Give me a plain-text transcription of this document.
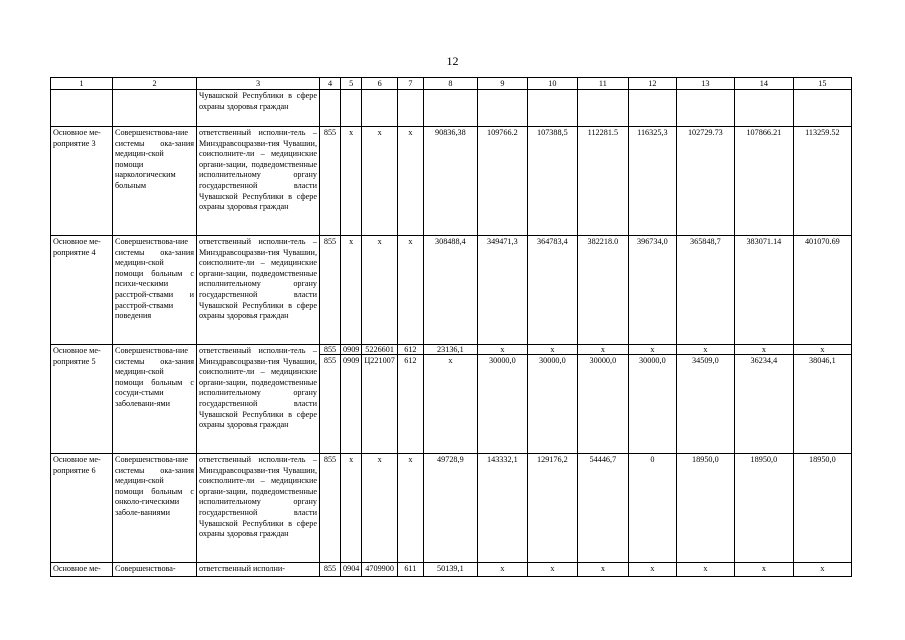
12
1	2	3	4	5	6	7	8	9	10	11	12	13	14	15
		Чувашской Республики в сфере охраны здоровья граждан												
Основное ме-роприятие 3	Совершенствова-ние системы ока-зания медицин-ской помощи наркологическим больным	ответственный исполни-тель – Минздравсоцразви-тия Чувашии, соисполните-ли – медицинские органи-зации, подведомственные исполнительному органу государственной власти Чувашской Республики в сфере охраны здоровья граждан	855	x	x	x	90836,38	109766.2	107388,5	112281.5	116325,3	102729.73	107866.21	113259.52
Основное ме-роприятие 4	Совершенствова-ние системы ока-зания медицин-ской помощи больным с психи-ческими расстрой-ствами и расстрой-ствами поведения	ответственный исполни-тель – Минздравсоцразви-тия Чувашии, соисполните-ли – медицинские органи-зации, подведомственные исполнительному органу государственной власти Чувашской Республики в сфере охраны здоровья граждан	855	x	x	x	308488,4	349471,3	364783,4	382218.0	396734,0	365848,7	383071.14	401070.69
Основное ме-роприятие 5	Совершенствова-ние системы ока-зания медицин-ской помощи больным с сосуди-стыми заболевани-ями	ответственный исполни-тель – Минздравсоцразви-тия Чувашии, соисполните-ли – медицинские органи-зации, подведомственные исполнительному органу государственной власти Чувашской Республики в сфере охраны здоровья граждан	855	0909	5226601	612	23136,1	x	x	x	x	x	x	x
			855	0909	Ц221007	612	x	30000,0	30000,0	30000,0	30000,0	34509,0	36234,4	38046,1
Основное ме-роприятие 6	Совершенствова-ние системы ока-зания медицин-ской помощи больным с онколо-гическими заболе-ваниями	ответственный исполни-тель – Минздравсоцразви-тия Чувашии, соисполните-ли – медицинские органи-зации, подведомственные исполнительному органу государственной власти Чувашской Республики в сфере охраны здоровья граждан	855	x	x	x	49728,9	143332,1	129176,2	54446,7	0	18950,0	18950,0	18950,0
Основное ме-	Совершенствова-	ответственный исполни-	855	0904	4709900	611	50139,1	x	x	x	x	x	x	x
